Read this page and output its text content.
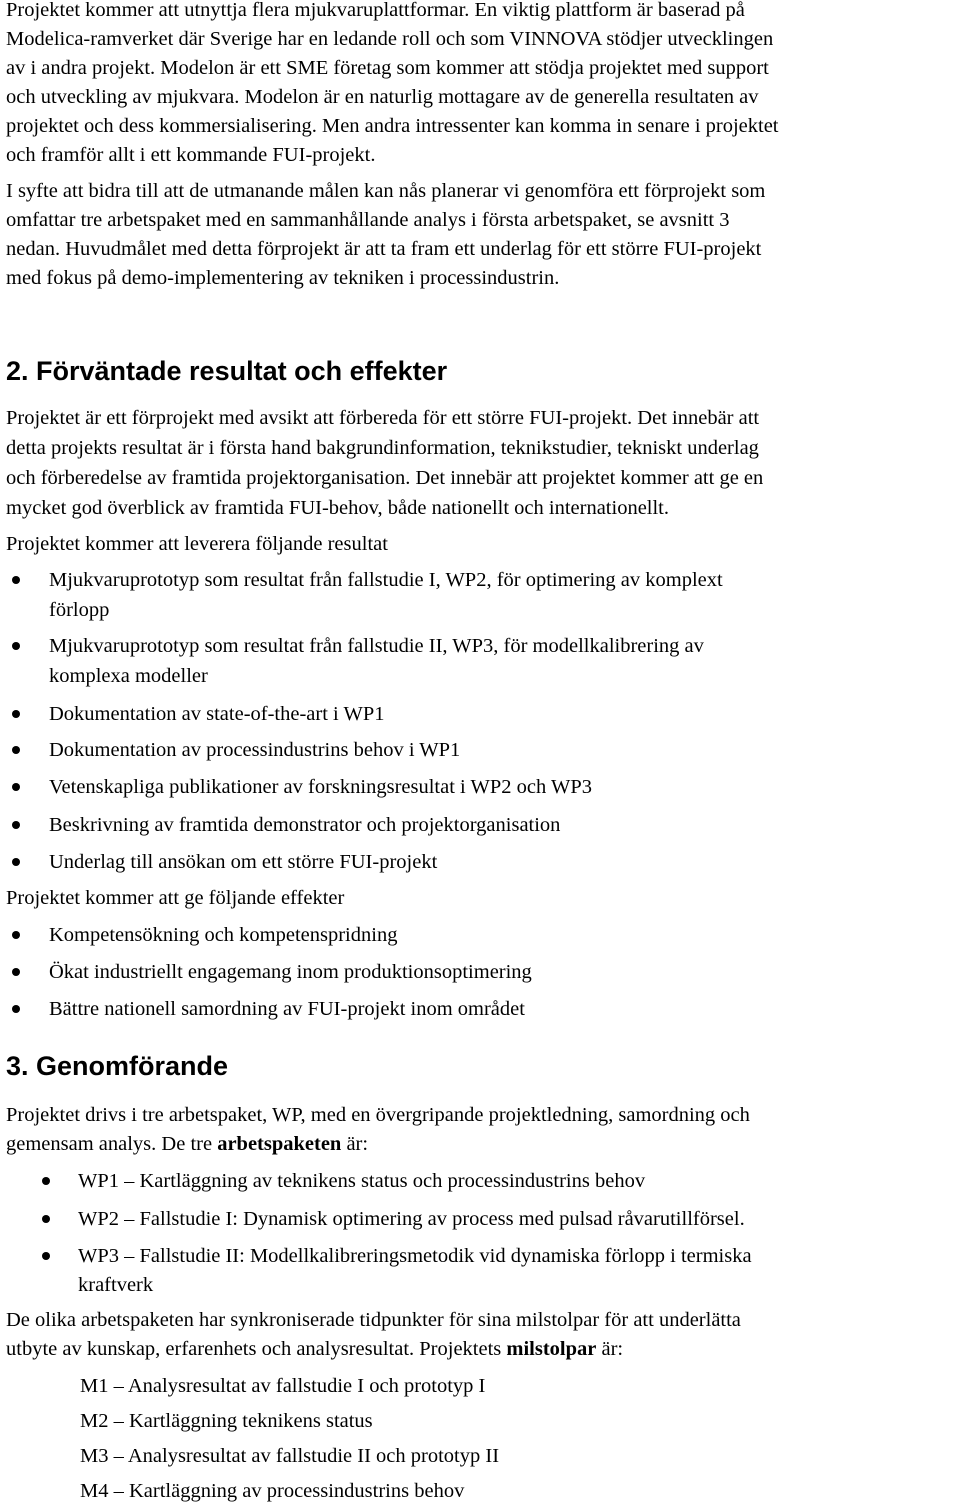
Projektet kommer att utnyttja flera mjukvaruplattformar. En viktig plattform är baserad på
Modelica-ramverket där Sverige har en ledande roll och som VINNOVA stödjer utvecklingen
av i andra projekt. Modelon är ett SME företag som kommer att stödja projektet med support
och utveckling av mjukvara. Modelon är en naturlig mottagare av de generella resultaten av
projektet och dess kommersialisering. Men andra intressenter kan komma in senare i projektet
och framför allt i ett kommande FUI-projekt.
I syfte att bidra till att de utmanande målen kan nås planerar vi genomföra ett förprojekt som
omfattar tre arbetspaket med en sammanhållande analys i första arbetspaket, se avsnitt 3
nedan. Huvudmålet med detta förprojekt är att ta fram ett underlag för ett större FUI-projekt
med fokus på demo-implementering av tekniken i processindustrin.
2. Förväntade resultat och effekter
Projektet är ett förprojekt med avsikt att förbereda för ett större FUI-projekt. Det innebär att
detta projekts resultat är i första hand bakgrundinformation, teknikstudier, tekniskt underlag
och förberedelse av framtida projektorganisation. Det innebär att projektet kommer att ge en
mycket god överblick av framtida FUI-behov, både nationellt och internationellt.
Projektet kommer att leverera följande resultat
Mjukvaruprototyp som resultat från fallstudie I, WP2, för optimering av komplext
förlopp
Mjukvaruprototyp som resultat från fallstudie II, WP3, för modellkalibrering av
komplexa modeller
Dokumentation av state-of-the-art i WP1
Dokumentation av processindustrins behov i WP1
Vetenskapliga publikationer av forskningsresultat i WP2 och WP3
Beskrivning av framtida demonstrator och projektorganisation
Underlag till ansökan om ett större FUI-projekt
Projektet kommer att ge följande effekter
Kompetensökning och kompetenspridning
Ökat industriellt engagemang inom produktionsoptimering
Bättre nationell samordning av FUI-projekt inom området
3. Genomförande
Projektet drivs i tre arbetspaket, WP, med en övergripande projektledning, samordning och
gemensam analys. De tre arbetspaketen är:
WP1 – Kartläggning av teknikens status och processindustrins behov
WP2 – Fallstudie I: Dynamisk optimering av process med pulsad råvarutillförsel.
WP3 – Fallstudie II: Modellkalibreringsmetodik vid dynamiska förlopp i termiska
kraftverk
De olika arbetspaketen har synkroniserade tidpunkter för sina milstolpar för att underlätta
utbyte av kunskap, erfarenhets och analysresultat. Projektets milstolpar är:
M1 – Analysresultat av fallstudie I och prototyp I
M2 – Kartläggning teknikens status
M3 – Analysresultat av fallstudie II och prototyp II
M4 – Kartläggning av processindustrins behov
